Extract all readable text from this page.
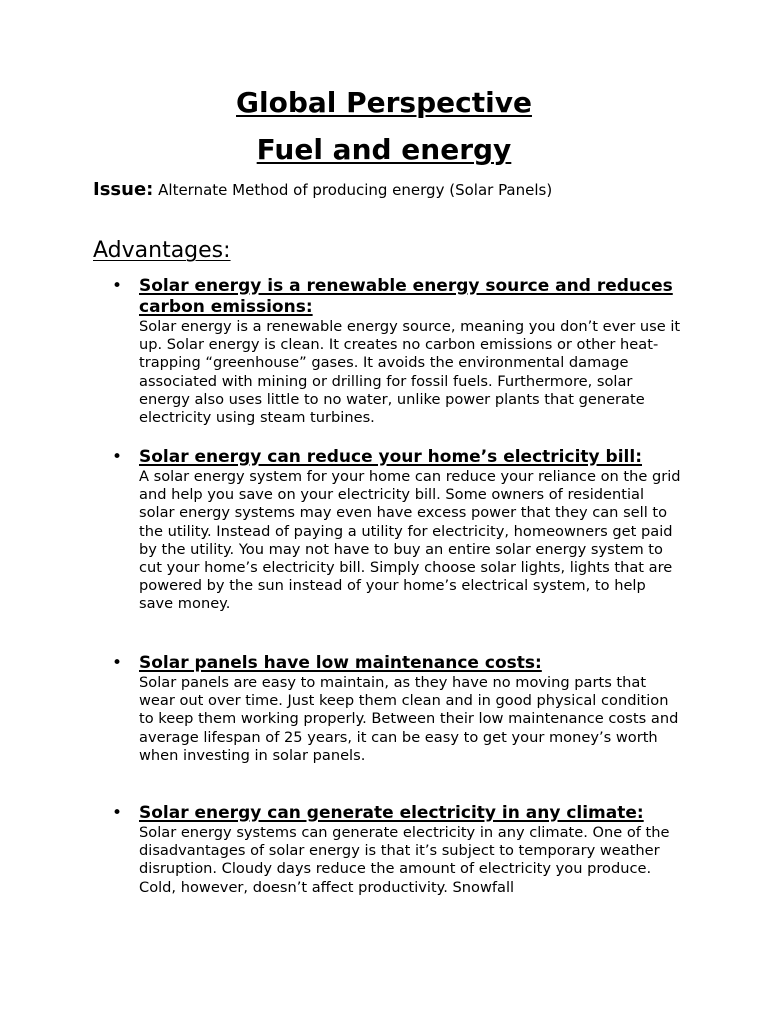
Global Perspective
Fuel and energy

Issue: Alternate Method of producing energy (Solar Panels)

Advantages:
• Solar energy is a renewable energy source and reduces carbon emissions:

Solar energy is a renewable energy source, meaning you don’t ever use it up. Solar energy is clean. It creates no carbon emissions or other heat-trapping “greenhouse” gases. It avoids the environmental damage associated with mining or drilling for fossil fuels. Furthermore, solar energy also uses little to no water, unlike power plants that generate electricity using steam turbines.

• Solar energy can reduce your home’s electricity bill:

A solar energy system for your home can reduce your reliance on the grid and help you save on your electricity bill. Some owners of residential solar energy systems may even have excess power that they can sell to the utility. Instead of paying a utility for electricity, homeowners get paid by the utility. You may not have to buy an entire solar energy system to cut your home’s electricity bill. Simply choose solar lights, lights that are powered by the sun instead of your home’s electrical system, to help save money.

• Solar panels have low maintenance costs:

Solar panels are easy to maintain, as they have no moving parts that wear out over time. Just keep them clean and in good physical condition to keep them working properly. Between their low maintenance costs and average lifespan of 25 years, it can be easy to get your money’s worth when investing in solar panels.

• Solar energy can generate electricity in any climate:

Solar energy systems can generate electricity in any climate. One of the disadvantages of solar energy is that it’s subject to temporary weather disruption. Cloudy days reduce the amount of electricity you produce. Cold, however, doesn’t affect productivity. Snowfall
